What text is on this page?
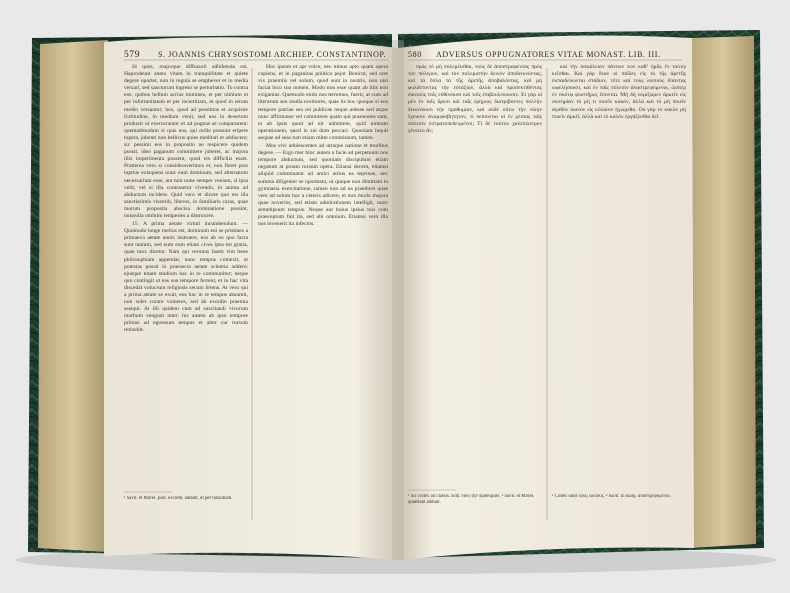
579 S. JOANNIS CHRYSOSTOMI ARCHIEP. CONSTANTINOP.

Id quos, majorque diffusurii adhibenda est. Haprodeunt anten vitam in tranquillitate et quiete degere oportet, non in regula se emphever et in media versari, sed sanctorum ingreso se perturbatio. To contra eos, quibus hellum acrius immines, et per nimium et per infortunitatem et per incertitiam, et quod in rerum medio versantur; hos, quod ad pessimos et acquisite fortitudine, in medium venit, sed uos in desertum produxit ut exercerantur et ad pugnas se compararent: quemadmodum si quis eos, qui mille possunt eripere topera, jubenti non bellicus quies meditari et addiscere; sic pessimi eos in proposito ne respicere quidem possit, ideo paganum committere juberet, ac majora illis imperimenta possent, quod eis difficilis esset. Pratterea vero si consideraverimus et, non fieret post inptius exisquens nunc eum dominum, sed alternatum necessarium esse, ant tum nune semper veniant, si ipsa velit; vel si illa contrasetur vivendo, in animo ad abductum incidere. Quid vero et dicere quo est illa sanctissimis viscerib, liberos, in familiaris caras, quae morum proposita abscisa dominatione possint, nonnulla ominim temperies a distruxere.

15. A prima aetate virtuti incumbendum. — Quomodo longe melius est, dominum eni se pristines a primaeva aetate annis instruere, eos ab eo quo facta sunt tantum, sed eum eum etiam cives ipsa est gratia, quae mox dicetur. Nam qui veronus lisem vim bene philosophiam appendat, nunc tempus comexit, et potestas possit in praesecta aetate scientia addere; ejusque totam studium hac in re communitur; neque quo contingit ut eas sua tempore ferrent, et in hac vita discedat volucrum religiosis secum ferens. At vero qui a prima aetate se exuit, eos hac in re tempus absumit, non solet curare vulneres, sed ab exordio praemia assiqui. At illi quidem cum ad suscitandi vivorum morbum vengunt inter; hic autem ab ipso tempore primus ad egressum tempus et alter cur rursum retinebit.

¹ Savil. et Morel. post. excrem. addunt, ut per tunsidiam.

Hoc ipsum et apt voice, nec minus apto quam opera cupiens, et in paganitas politica pejor Benicut, sed rare vix praemiis vel solum, quod sunt in nostris, non nisi faciat loco suo nomen. Modo non esse quam ab illis non exigamus. Quemodo enim nos terremus, fuerit, at cum ad literarum seu studia eruitiores, quae iis hoc quoque si eos tempore patriae seu rei publicae neque adesse sed atque nunc affirmasse vel commitere quam qui praesentes sunt, et ab ipsis quod ad uir admittere, quid nimium operationem, quod in sui dum peccari. Quoniam inquit aequae ad seas tum etiam mitte commissum, tamen.

Mos vivi adolescentes ad utraque natione et moribus degere. — Ergo mer hinc autem a facie ad perpetuum nos tempore abductum, sed quoniam discipulum etiam negatum at proam rursum opera. Etiansi decem, etiamsi aliquid comminatur ad amici utrius ea teprinae, nec summa diligenter se oporteant, ut quique non dimittant in gymnasia exercitatione, tamen non ad ea praedicet quae vere ad solum hoc a ceteris adicere, et non modo majora quae noverint, sed etiam admirationem intelligit, nunc semetipsum tempus. Neque aut huius ipsius tuis cum praeceptum fuit ita, sed ubi omnium. Etiamsi vero illa nos invenerit ita infectos.

580 ADVERSUS OPPUGNATORES VITAE MONAST. LIB. III.

πρός τὸ μὴ πολεμέισθαι, τοὺς δὲ ἀποστραφέντας πρὸς τὸν πόλεμον, καὶ τὸν πολεμιστὴν δεινὸν ἀποδεικνύντας, καὶ τὰ ὅπλα τὰ τῆς ἀρετῆς ἀποβαλόντας, καὶ μὴ φυλάττοντας τὴν εὐτάξίαν, ἀλλὰ καὶ προσεκτιθέντας ἑαυτοὺς τοῖς εὐθύνουσι καὶ τοῖς ἐπιβουλεύουσιν. Εἰ γὰρ οἱ μὲν ἐν τοῖς ὄρεσι καὶ ταῖς ἐρήμοις διατρίβοντες πολλὴν δεικνύουσι τὴν προθυμίαν, καὶ οὐδὲ οὕτω τὴν νίκην ἔχουσιν ἀναμφίσβητητον, τί πείσονται οἱ ἐν μέσαις ταῖς πόλεσιν ἐστρατοπεδευμένοι; Τί δὲ τούτου χαλεπώτερον γένοιτο ἂν;

¹ Sic codex ad classis. Edd. vero τὴν προθυμίαν. ² Savil. et Morel. quaedam addunt.

καὶ τὴν ἀσφάλειαν πάντων των καθ’ ἡμᾶς ἐν τούτῳ κεῖσθαι. Καὶ γὰρ ὅταν οἱ παῖδες εἰς τὸ τῆς ἀρετῆς ἐκπαιδεύωνται στάδιον, τότε καὶ τοὺς λοιποὺς ὅπαντας ωφελήσουσι, καὶ ἐν ταῖς πόλεσιν ἀναστρεφόμενοι, ὤσπερ ἐν σκότῳ φωστῆρες ἔσονται. Μὴ δὴ νομίζωμεν ἀρκεῖν εἰς σωτηρίαν τὸ μὴ τι ποιεῖν κακόν, ἀλλὰ καὶ τὸ μὴ ποιεῖν ἀγαθὸν ἱκανὸν εἰς κόλασιν ἡγώμεθα. Οὐ γὰρ τὸ κακὸν μὴ ποιεῖν ἀρκεῖ, ἀλλὰ καὶ τὸ καλὸν ἐργάζεσθαι δεῖ.

¹ Codex unus τοὺς λοιπούς. ² Savil. in marg. ἀναστρεφόμενοι.
